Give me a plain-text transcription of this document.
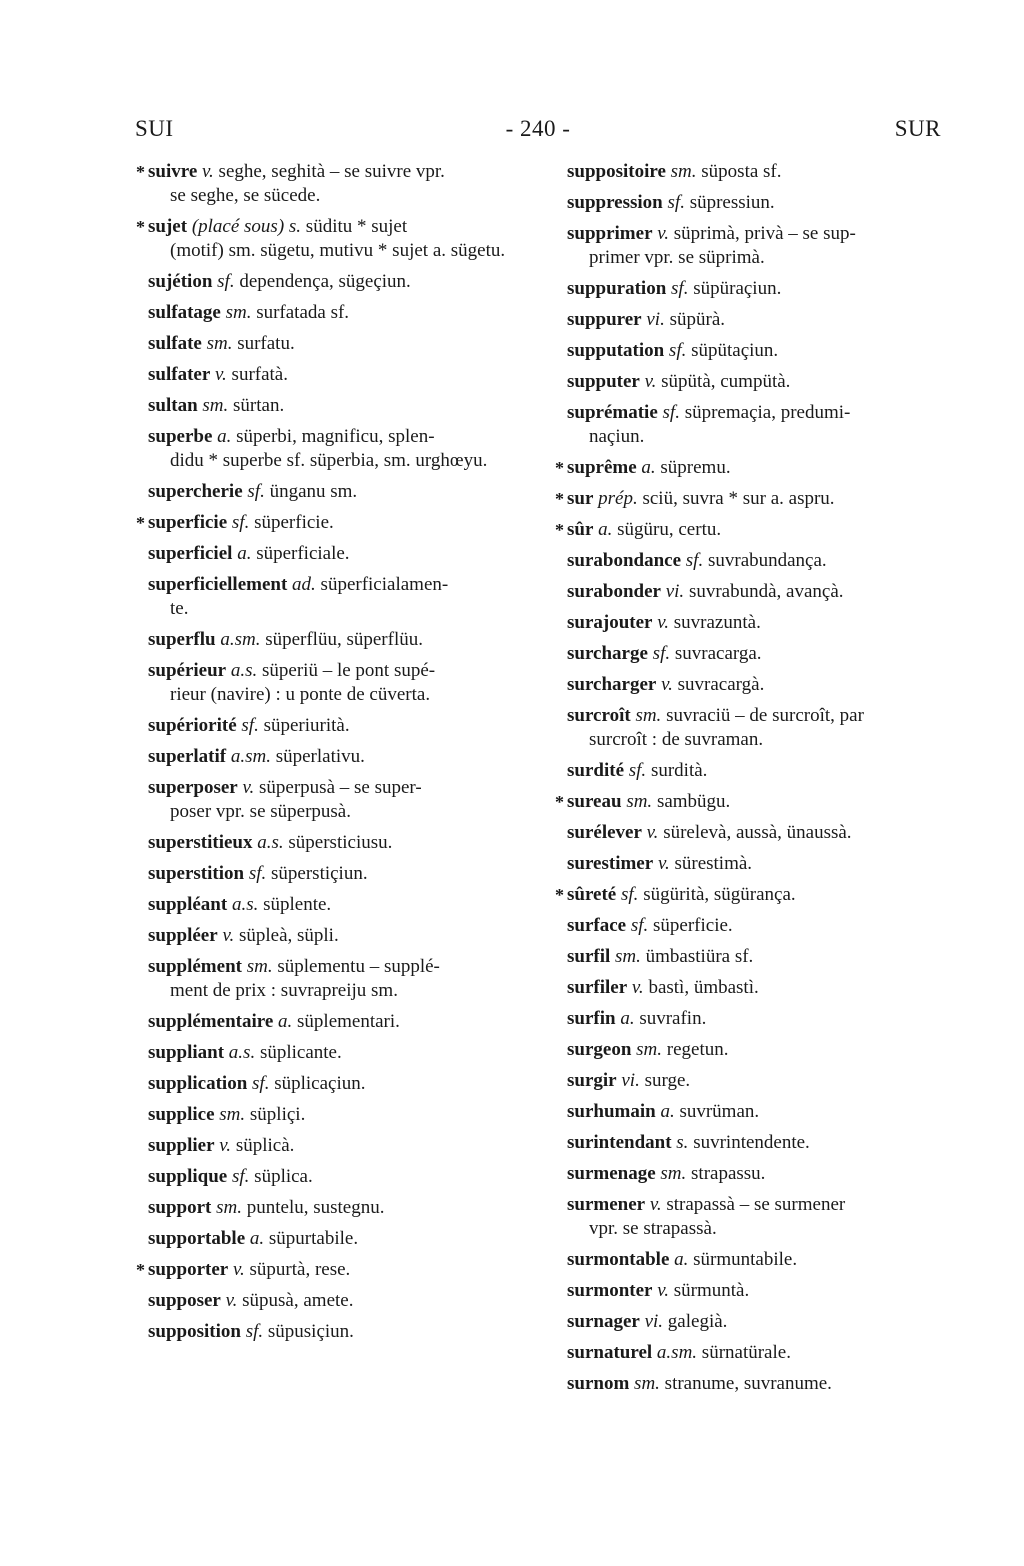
SUI	- 240 -	SUR
* suivre v. seghe, seghità – se suivre vpr.
se seghe, se sücede.
* sujet (placé sous) s. süditu * sujet
(motif) sm. sügetu, mutivu * sujet a. sügetu.
sujétion sf. dependença, sügeçiun.
sulfatage sm. surfatada sf.
sulfate sm. surfatu.
sulfater v. surfatà.
sultan sm. sürtan.
superbe a. süperbi, magnificu, splen-
didu * superbe sf. süperbia, sm. urghœyu.
supercherie sf. ünganu sm.
* superficie sf. süperficie.
superficiel a. süperficiale.
superficiellement ad. süperficialamen-
te.
superflu a.sm. süperflüu, süperflüu.
supérieur a.s. süperiü – le pont supé-
rieur (navire) : u ponte de cüverta.
supériorité sf. süperiurità.
superlatif a.sm. süperlativu.
superposer v. süperpusà – se super-
poser vpr. se süperpusà.
superstitieux a.s. süpersticiusu.
superstition sf. süperstiçiun.
suppléant a.s. süplente.
suppléer v. süpleà, süpli.
supplément sm. süplementu – supplé-
ment de prix : suvrapreiju sm.
supplémentaire a. süplementari.
suppliant a.s. süplicante.
supplication sf. süplicaçiun.
supplice sm. süpliçi.
supplier v. süplicà.
supplique sf. süplica.
support sm. puntelu, sustegnu.
supportable a. süpurtabile.
* supporter v. süpurtà, rese.
supposer v. süpusà, amete.
supposition sf. süpusiçiun.
suppositoire sm. süposta sf.
suppression sf. süpressiun.
supprimer v. süprimà, privà – se sup-
primer vpr. se süprimà.
suppuration sf. süpüraçiun.
suppurer vi. süpürà.
supputation sf. süpütaçiun.
supputer v. süpütà, cumpütà.
suprématie sf. süpremaçia, predumi-
naçiun.
* suprême a. süpremu.
* sur prép. sciü, suvra * sur a. aspru.
* sûr a. sügüru, certu.
surabondance sf. suvrabundança.
surabonder vi. suvrabundà, avançà.
surajouter v. suvrazuntà.
surcharge sf. suvracarga.
surcharger v. suvracargà.
surcroît sm. suvraciü – de surcroît, par
surcroît : de suvraman.
surdité sf. surdità.
* sureau sm. sambügu.
surélever v. sürelevà, aussà, ünaussà.
surestimer v. sürestimà.
* sûreté sf. sügürità, sügürança.
surface sf. süperficie.
surfil sm. ümbastiüra sf.
surfiler v. bastì, ümbastì.
surfin a. suvrafin.
surgeon sm. regetun.
surgir vi. surge.
surhumain a. suvrüman.
surintendant s. suvrintendente.
surmenage sm. strapassu.
surmener v. strapassà – se surmener
vpr. se strapassà.
surmontable a. sürmuntabile.
surmonter v. sürmuntà.
surnager vi. galegià.
surnaturel a.sm. sürnatürale.
surnom sm. stranume, suvranume.
